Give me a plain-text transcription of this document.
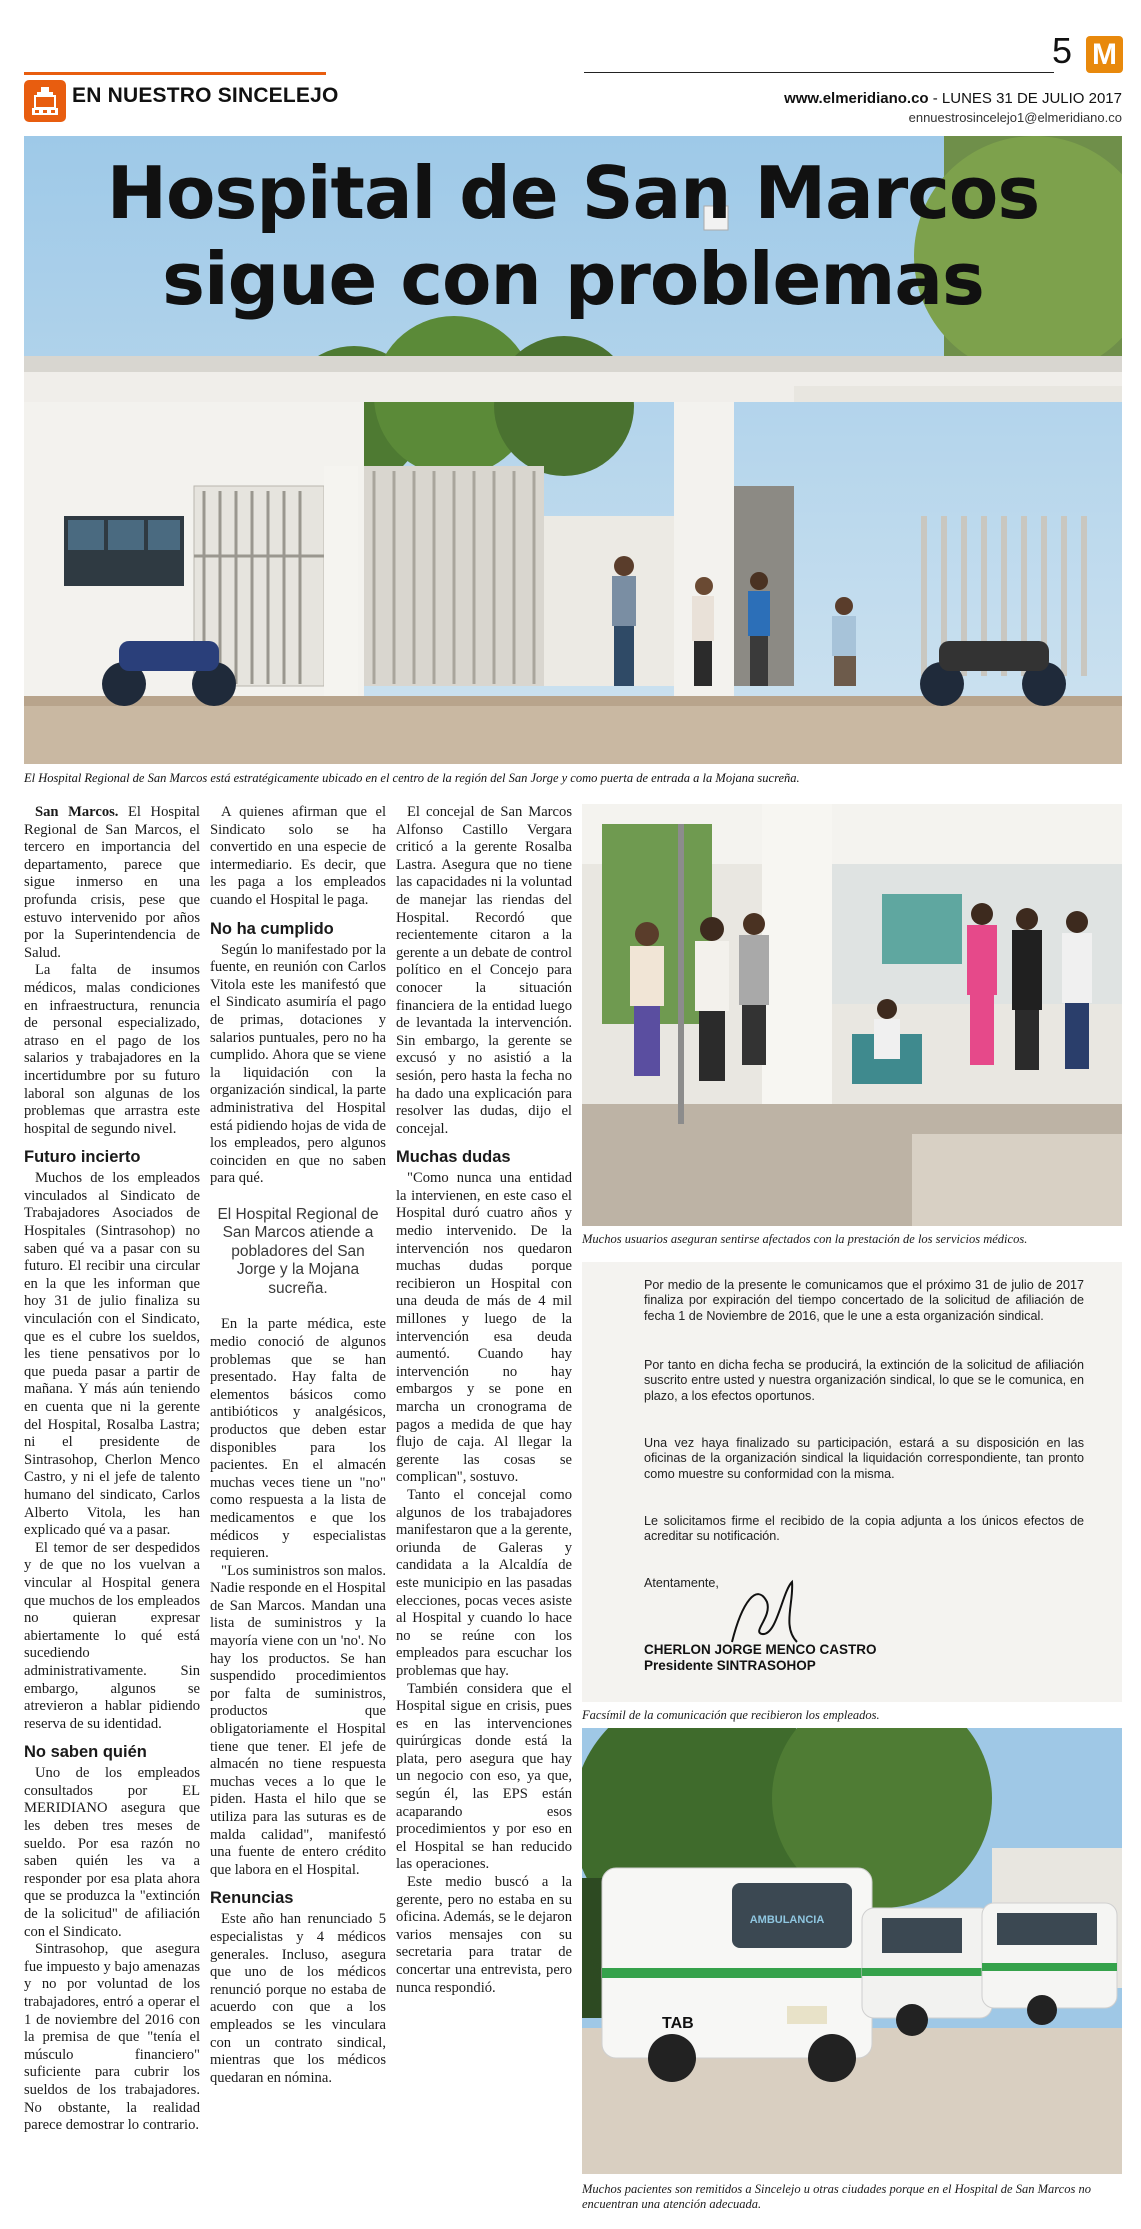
EN NUESTRO SINCELEJO
5 M
www.elmeridiano.co - LUNES 31 DE JULIO 2017
ennuestrosincelejo1@elmeridiano.co
Hospital de San Marcos
sigue con problemas
El Hospital Regional de San Marcos está estratégicamente ubicado en el centro de la región del San Jorge y como puerta de entrada a la Mojana sucreña.

San Marcos. El Hospital Regional de San Marcos, el tercero en importancia del departamento, parece que sigue inmerso en una profunda crisis, pese que estuvo intervenido por años por la Superintendencia de Salud.

La falta de insumos médicos, malas condiciones en infraestructura, renuncia de personal especializado, atraso en el pago de los salarios y trabajadores en la incertidumbre por su futuro laboral son algunas de los problemas que arrastra este hospital de segundo nivel.

Futuro incierto

Muchos de los empleados vinculados al Sindicato de Trabajadores Asociados de Hospitales (Sintrasohop) no saben qué va a pasar con su futuro. El recibir una circular en la que les informan que hoy 31 de julio finaliza su vinculación con el Sindicato, que es el cubre los sueldos, les tiene pensativos por lo que pueda pasar a partir de mañana. Y más aún teniendo en cuenta que ni la gerente del Hospital, Rosalba Lastra; ni el presidente de Sintrasohop, Cherlon Menco Castro, y ni el jefe de talento humano del sindicato, Carlos Alberto Vitola, les han explicado qué va a pasar.

El temor de ser despedidos y de que no los vuelvan a vincular al Hospital genera que muchos de los empleados no quieran expresar abiertamente lo qué está sucediendo administrativamente. Sin embargo, algunos se atrevieron a hablar pidiendo reserva de su identidad.

No saben quién

Uno de los empleados consultados por EL MERIDIANO asegura que les deben tres meses de sueldo. Por esa razón no saben quién les va a responder por esa plata ahora que se produzca la "extinción de la solicitud" de afiliación con el Sindicato.

Sintrasohop, que asegura fue impuesto y bajo amenazas y no por voluntad de los trabajadores, entró a operar el 1 de noviembre del 2016 con la premisa de que "tenía el músculo financiero" suficiente para cubrir los sueldos de los trabajadores. No obstante, la realidad parece demostrar lo contrario.

A quienes afirman que el Sindicato solo se ha convertido en una especie de intermediario. Es decir, que les paga a los empleados cuando el Hospital le paga.

No ha cumplido

Según lo manifestado por la fuente, en reunión con Carlos Vitola este les manifestó que el Sindicato asumiría el pago de primas, dotaciones y salarios puntuales, pero no ha cumplido. Ahora que se viene la liquidación con la organización sindical, la parte administrativa del Hospital está pidiendo hojas de vida de los empleados, pero algunos coinciden en que no saben para qué.

El Hospital Regional de San Marcos atiende a pobladores del San Jorge y la Mojana sucreña.

En la parte médica, este medio conoció de algunos problemas que se han presentado. Hay falta de elementos básicos como antibióticos y analgésicos, productos que deben estar disponibles para los pacientes. En el almacén muchas veces tiene un "no" como respuesta a la lista de medicamentos e que los médicos y especialistas requieren.

"Los suministros son malos. Nadie responde en el Hospital de San Marcos. Mandan una lista de suministros y la mayoría viene con un 'no'. No hay los productos. Se han suspendido procedimientos por falta de suministros, productos que obligatoriamente el Hospital tiene que tener. El jefe de almacén no tiene respuesta muchas veces a lo que le piden. Hasta el hilo que se utiliza para las suturas es de malda calidad", manifestó una fuente de entero crédito que labora en el Hospital.

Renuncias

Este año han renunciado 5 especialistas y 4 médicos generales. Incluso, asegura que uno de los médicos renunció porque no estaba de acuerdo con que a los empleados se les vinculara con un contrato sindical, mientras que los médicos quedaran en nómina.

El concejal de San Marcos Alfonso Castillo Vergara criticó a la gerente Rosalba Lastra. Asegura que no tiene las capacidades ni la voluntad de manejar las riendas del Hospital. Recordó que recientemente citaron a la gerente a un debate de control político en el Concejo para conocer la situación financiera de la entidad luego de levantada la intervención. Sin embargo, la gerente se excusó y no asistió a la sesión, pero hasta la fecha no ha dado una explicación para resolver las dudas, dijo el concejal.

Muchas dudas

"Como nunca una entidad la intervienen, en este caso el Hospital duró cuatro años y medio intervenido. De la intervención nos quedaron muchas dudas porque recibieron un Hospital con una deuda de más de 4 mil millones y luego de la intervención esa deuda aumentó. Cuando hay intervención no hay embargos y se pone en marcha un cronograma de pagos a medida de que hay flujo de caja. Al llegar la gerente las cosas se complican", sostuvo.

Tanto el concejal como algunos de los trabajadores manifestaron que a la gerente, oriunda de Galeras y candidata a la Alcaldía de este municipio en las pasadas elecciones, pocas veces asiste al Hospital y cuando lo hace no se reúne con los empleados para escuchar los problemas que hay.

También considera que el Hospital sigue en crisis, pues es en las intervenciones quirúrgicas donde está la plata, pero asegura que hay un negocio con eso, ya que, según él, las EPS están acaparando esos procedimientos y por eso en el Hospital se han reducido las operaciones.

Este medio buscó a la gerente, pero no estaba en su oficina. Además, se le dejaron varios mensajes con su secretaria para tratar de concertar una entrevista, pero nunca respondió.

Muchos usuarios aseguran sentirse afectados con la prestación de los servicios médicos.
Por medio de la presente le comunicamos que el próximo 31 de julio de 2017 finaliza por expiración del tiempo concertado de la solicitud de afiliación de fecha 1 de Noviembre de 2016, que le une a esta organización sindical.
Por tanto en dicha fecha se producirá, la extinción de la solicitud de afiliación suscrito entre usted y nuestra organización sindical, lo que se le comunica, en plazo, a los efectos oportunos.
Una vez haya finalizado su participación, estará a su disposición en las oficinas de la organización sindical la liquidación correspondiente, tan pronto como muestre su conformidad con la misma.
Le solicitamos firme el recibido de la copia adjunta a los únicos efectos de acreditar su notificación.
Atentamente,
CHERLON JORGE MENCO CASTRO
Presidente SINTRASOHOP
Facsímil de la comunicación que recibieron los empleados.
AMBULANCIA
TAB
Muchos pacientes son remitidos a Sincelejo u otras ciudades porque en el Hospital de San Marcos no encuentran una atención adecuada.
